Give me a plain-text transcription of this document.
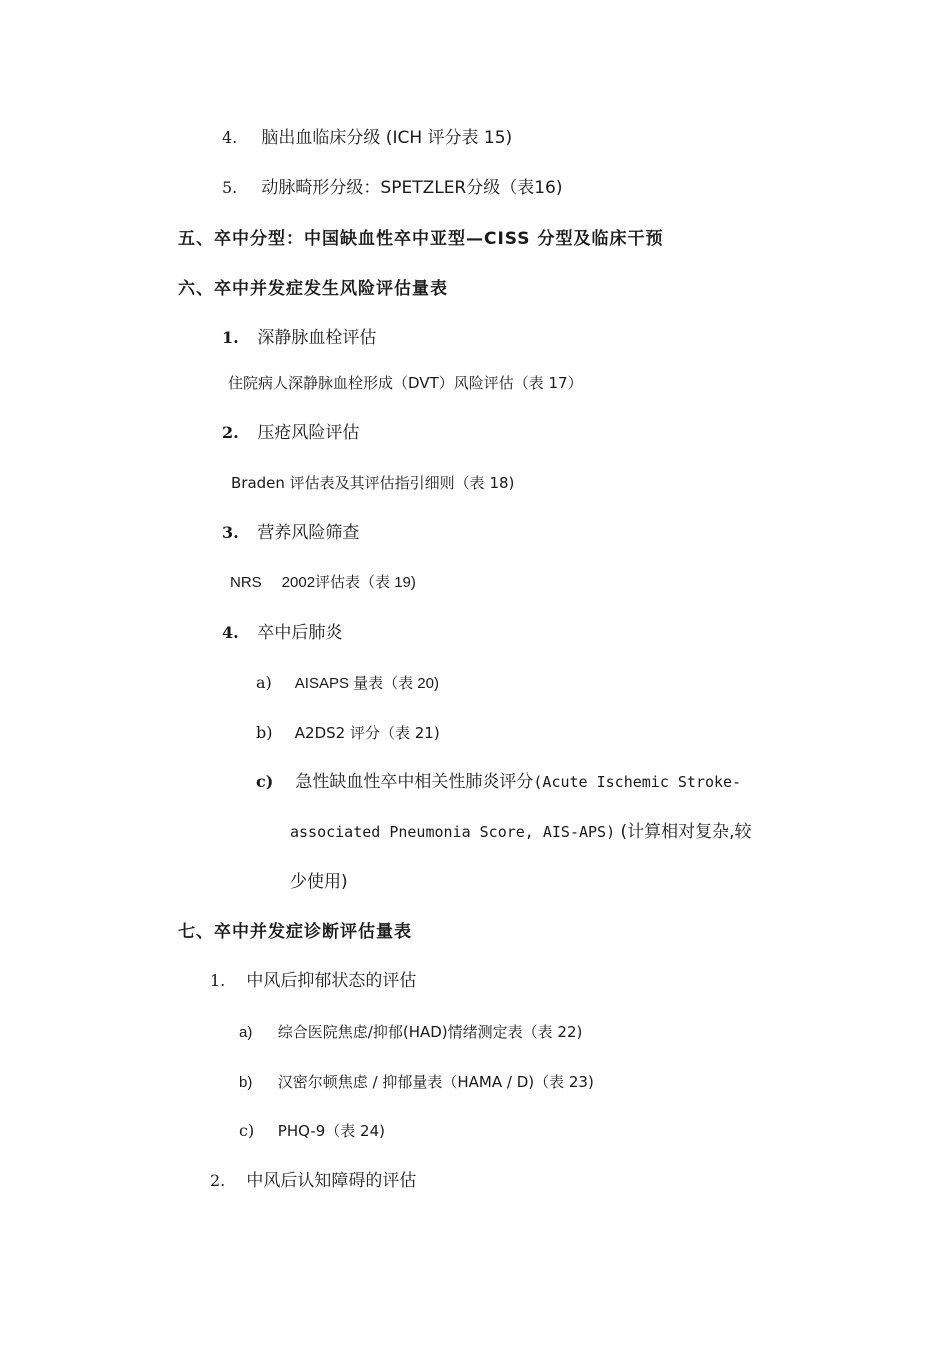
4. 脑出血临床分级 (ICH 评分表 15)
5. 动脉畸形分级：SPETZLER分级（表16)
五、卒中分型：中国缺血性卒中亚型—CISS 分型及临床干预
六、卒中并发症发生风险评估量表
1. 深静脉血栓评估
住院病人深静脉血栓形成（DVT）风险评估（表 17）
2. 压疮风险评估
Braden 评估表及其评估指引细则（表 18)
3. 营养风险筛查
NRS 2002评估表（表 19)
4. 卒中后肺炎
a) AISAPS 量表（表 20)
b) A2DS2 评分（表 21)
c) 急性缺血性卒中相关性肺炎评分(Acute Ischemic Stroke-
associated Pneumonia Score, AIS-APS) (计算相对复杂,较
少使用)
七、卒中并发症诊断评估量表
1. 中风后抑郁状态的评估
a) 综合医院焦虑/抑郁(HAD)情绪测定表（表 22)
b) 汉密尔顿焦虑 / 抑郁量表（HAMA / D)（表 23)
c) PHQ-9（表 24)
2. 中风后认知障碍的评估
